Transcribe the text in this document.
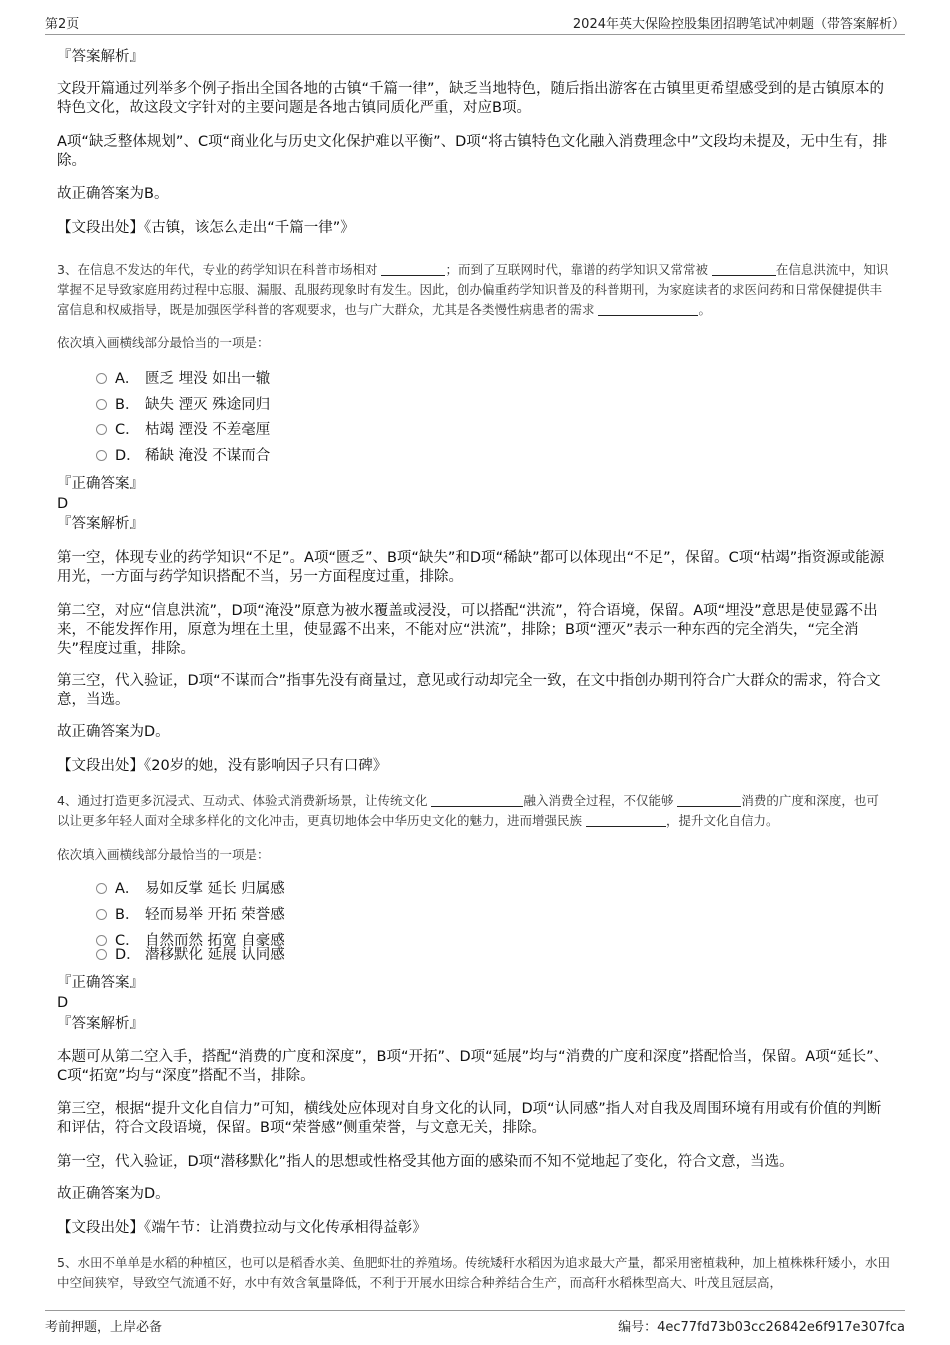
第2页	2024年英大保险控股集团招聘笔试冲刺题（带答案解析）
『答案解析』
文段开篇通过列举多个例子指出全国各地的古镇“千篇一律”，缺乏当地特色，随后指出游客在古镇里更希望感受到的是古镇原本的特色文化，故这段文字针对的主要问题是各地古镇同质化严重，对应B项。
A项“缺乏整体规划”、C项“商业化与历史文化保护难以平衡”、D项“将古镇特色文化融入消费理念中”文段均未提及，无中生有，排除。
故正确答案为B。
【文段出处】《古镇，该怎么走出“千篇一律”》
3、在信息不发达的年代，专业的药学知识在科普市场相对	；而到了互联网时代，靠谱的药学知识又常常被	在信息洪流中，知识掌握不足导致家庭用药过程中忘服、漏服、乱服药现象时有发生。因此，创办偏重药学知识普及的科普期刊，为家庭读者的求医问药和日常保健提供丰富信息和权威指导，既是加强医学科普的客观要求，也与广大群众，尤其是各类慢性病患者的需求	。
依次填入画横线部分最恰当的一项是：
A． 匮乏 埋没 如出一辙
B． 缺失 湮灭 殊途同归
C． 枯竭 湮没 不差毫厘
D． 稀缺 淹没 不谋而合
『正确答案』
D
『答案解析』
第一空，体现专业的药学知识“不足”。A项“匮乏”、B项“缺失”和D项“稀缺”都可以体现出“不足”，保留。C项“枯竭”指资源或能源用光，一方面与药学知识搭配不当，另一方面程度过重，排除。
第二空，对应“信息洪流”，D项“淹没”原意为被水覆盖或浸没，可以搭配“洪流”，符合语境，保留。A项“埋没”意思是使显露不出来，不能发挥作用，原意为埋在土里，使显露不出来，不能对应“洪流”，排除；B项“湮灭”表示一种东西的完全消失，“完全消失”程度过重，排除。
第三空，代入验证，D项“不谋而合”指事先没有商量过，意见或行动却完全一致，在文中指创办期刊符合广大群众的需求，符合文意，当选。
故正确答案为D。
【文段出处】《20岁的她，没有影响因子只有口碑》
4、通过打造更多沉浸式、互动式、体验式消费新场景，让传统文化	融入消费全过程，不仅能够	消费的广度和深度，也可以让更多年轻人面对全球多样化的文化冲击，更真切地体会中华历史文化的魅力，进而增强民族	，提升文化自信力。
依次填入画横线部分最恰当的一项是：
A． 易如反掌 延长 归属感
B． 轻而易举 开拓 荣誉感
C． 自然而然 拓宽 自豪感
D． 潜移默化 延展 认同感
『正确答案』
D
『答案解析』
本题可从第二空入手，搭配“消费的广度和深度”，B项“开拓”、D项“延展”均与“消费的广度和深度”搭配恰当，保留。A项“延长”、C项“拓宽”均与“深度”搭配不当，排除。
第三空，根据“提升文化自信力”可知，横线处应体现对自身文化的认同，D项“认同感”指人对自我及周围环境有用或有价值的判断和评估，符合文段语境，保留。B项“荣誉感”侧重荣誉，与文意无关，排除。
第一空，代入验证，D项“潜移默化”指人的思想或性格受其他方面的感染而不知不觉地起了变化，符合文意，当选。
故正确答案为D。
【文段出处】《端午节：让消费拉动与文化传承相得益彰》
5、水田不单单是水稻的种植区，也可以是稻香水美、鱼肥虾壮的养殖场。传统矮秆水稻因为追求最大产量，都采用密植栽种，加上植株株秆矮小，水田中空间狭窄，导致空气流通不好，水中有效含氧量降低，不利于开展水田综合种养结合生产，而高秆水稻株型高大、叶茂且冠层高，
考前押题，上岸必备	编号：4ec77fd73b03cc26842e6f917e307fca
